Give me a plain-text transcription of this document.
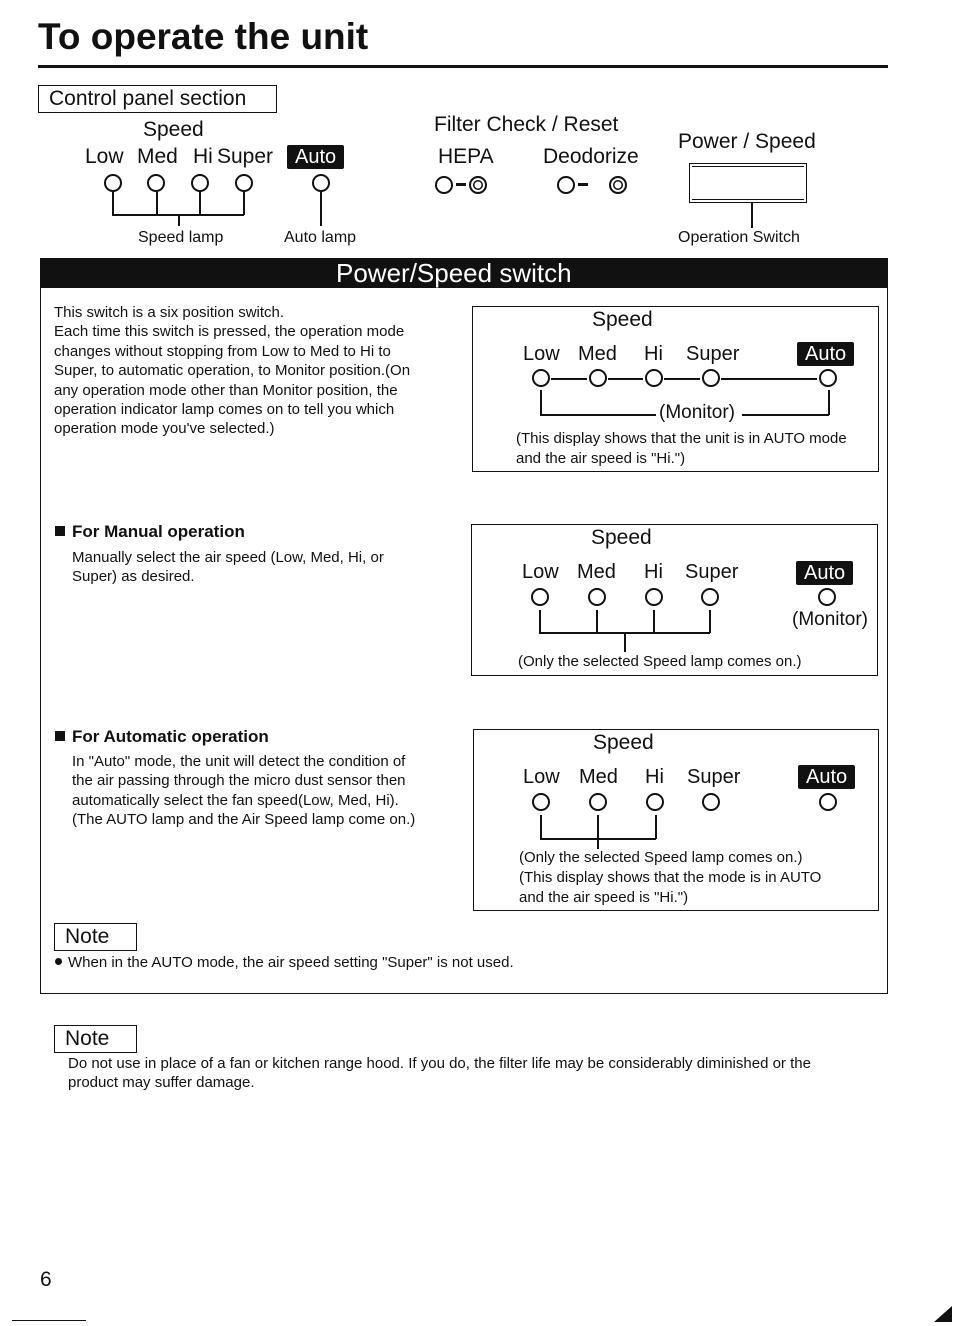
To operate the unit
Control panel section
Speed
Low Med Hi Super	Auto
Speed lamp	Auto lamp
Filter Check / Reset
HEPA Deodorize
Power / Speed
Operation Switch
Power/Speed switch
This switch is a six position switch.
Each time this switch is pressed, the operation mode
changes without stopping from Low to Med to Hi to
Super, to automatic operation, to Monitor position.(On
any operation mode other than Monitor position, the
operation indicator lamp comes on to tell you which
operation mode you've selected.)
Speed
Low Med Hi Super	Auto
(Monitor)
(This display shows that the unit is in AUTO mode
and the air speed is "Hi.")
For Manual operation
Manually select the air speed (Low, Med, Hi, or
Super) as desired.
Speed
Low Med Hi Super	Auto
(Monitor)
(Only the selected Speed lamp comes on.)
For Automatic operation
In "Auto" mode, the unit will detect the condition of
the air passing through the micro dust sensor then
automatically select the fan speed(Low, Med, Hi).
(The AUTO lamp and the Air Speed lamp come on.)
Speed
Low Med Hi Super	Auto
(Only the selected Speed lamp comes on.)
(This display shows that the mode is in AUTO
and the air speed is "Hi.")
Note
When in the AUTO mode, the air speed setting "Super" is not used.
Note
Do not use in place of a fan or kitchen range hood. If you do, the filter life may be considerably diminished or the
product may suffer damage.
6
